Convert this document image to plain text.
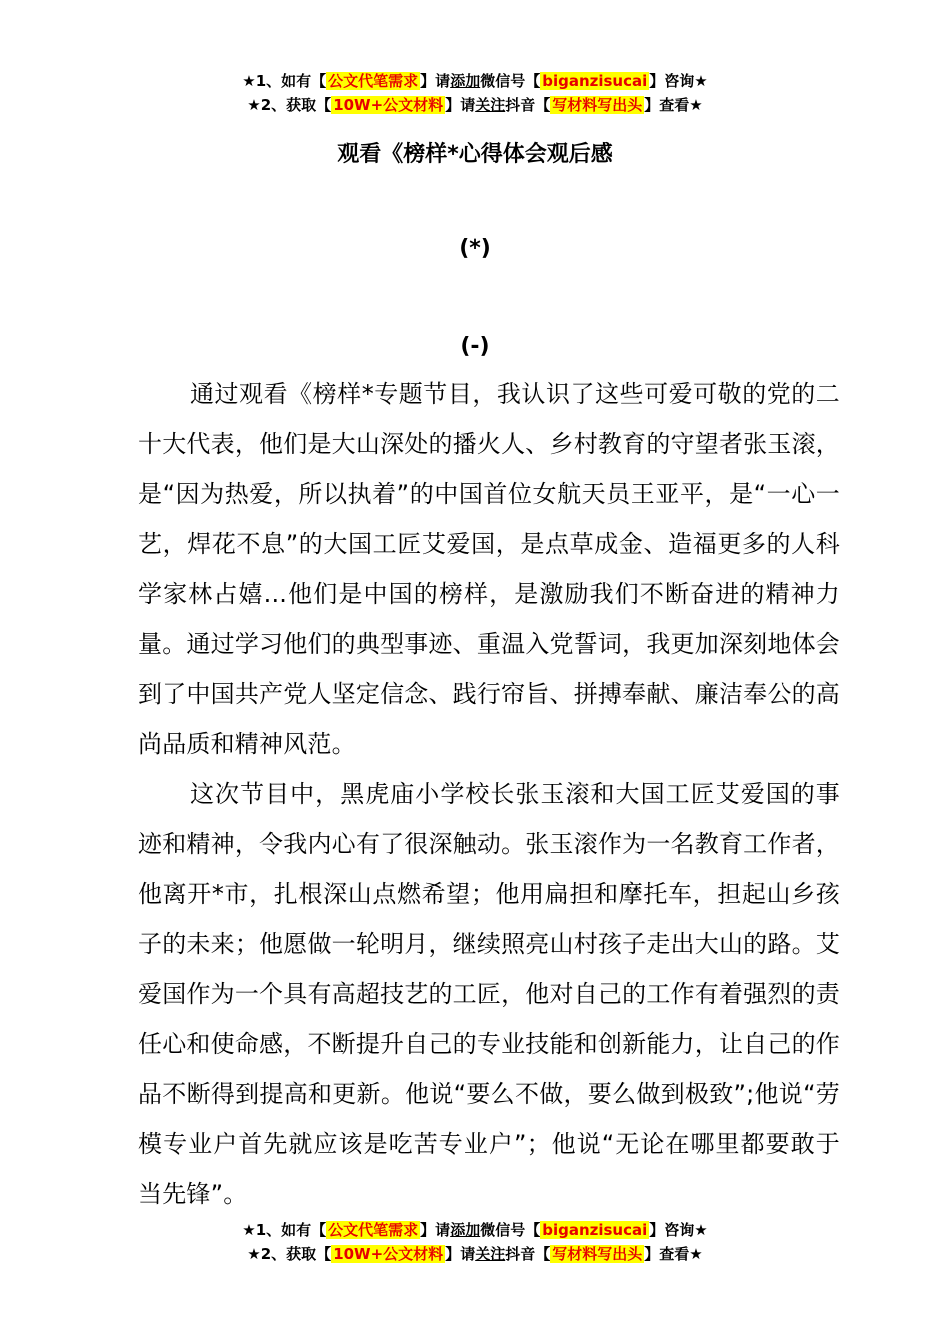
★1、如有【 公文代笔需求 】请添加微信号【 biganzisucai 】咨询★
★2、获取【 10W+公文材料 】请关注抖音【 写材料写出头 】查看★
观看《榜样*心得体会观后感
(*)
(-)

通过观看《榜样*专题节目，我认识了这些可爱可敬的党的二十大代表，他们是大山深处的播火人、乡村教育的守望者张玉滚，是“因为热爱，所以执着”的中国首位女航天员王亚平，是“一心一艺，焊花不息”的大国工匠艾爱国，是点草成金、造福更多的人科学家林占嬉...他们是中国的榜样，是激励我们不断奋进的精神力量。通过学习他们的典型事迹、重温入党誓词，我更加深刻地体会到了中国共产党人坚定信念、践行帘旨、拼搏奉献、廉洁奉公的高尚品质和精神风范。

这次节目中，黑虎庙小学校长张玉滚和大国工匠艾爱国的事迹和精神，令我内心有了很深触动。张玉滚作为一名教育工作者，他离开*市，扎根深山点燃希望；他用扁担和摩托车，担起山乡孩子的未来；他愿做一轮明月，继续照亮山村孩子走出大山的路。艾爱国作为一个具有高超技艺的工匠，他对自己的工作有着强烈的责任心和使命感，不断提升自己的专业技能和创新能力，让自己的作品不断得到提高和更新。他说“要么不做，要么做到极致”;他说“劳模专业户首先就应该是吃苦专业户”；他说“无论在哪里都要敢于当先锋”。

★1、如有【 公文代笔需求 】请添加微信号【 biganzisucai 】咨询★
★2、获取【 10W+公文材料 】请关注抖音【 写材料写出头 】查看★
